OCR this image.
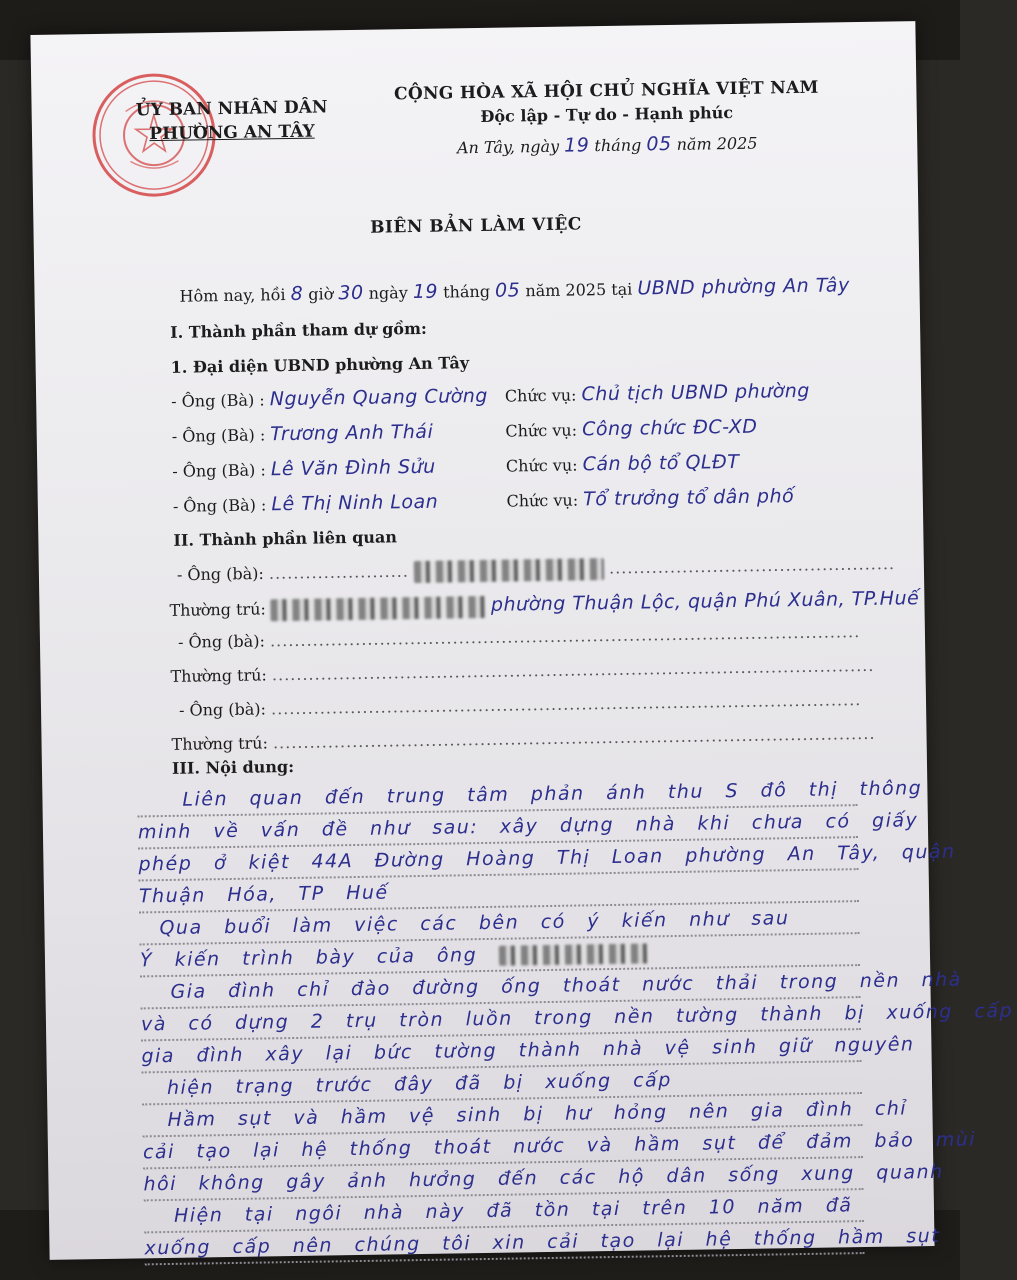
ỦY BAN NHÂN DÂN
PHƯỜNG AN TÂY
CỘNG HÒA XÃ HỘI CHỦ NGHĨA VIỆT NAM
Độc lập - Tự do - Hạnh phúc
An Tây, ngày 19 tháng 05 năm 2025
BIÊN BẢN LÀM VIỆC
Hôm nay, hồi 8 giờ 30 ngày 19 tháng 05 năm 2025 tại UBND phường An Tây
I. Thành phần tham dự gồm:
1. Đại diện UBND phường An Tây
- Ông (Bà) : Nguyễn Quang Cường Chức vụ: Chủ tịch UBND phường
- Ông (Bà) : Trương Anh Thái	Chức vụ: Công chức ĐC-XD
- Ông (Bà) : Lê Văn Đình Sửu	Chức vụ: Cán bộ tổ QLĐT
- Ông (Bà) : Lê Thị Ninh Loan	Chức vụ: Tổ trưởng tổ dân phố
II. Thành phần liên quan
- Ông (bà): .......................	...............................................
Thường trú:	phường Thuận Lộc, quận Phú Xuân, TP.Huế
- Ông (bà): .................................................................................................
Thường trú: ...................................................................................................
- Ông (bà): .................................................................................................
Thường trú: ...................................................................................................
III. Nội dung:
Liên quan đến trung tâm phản ánh thu S đô thị thông
minh về vấn đề như sau: xây dựng nhà khi chưa có giấy
phép ở kiệt 44A Đường Hoàng Thị Loan phường An Tây, quận
Thuận Hóa, TP Huế
Qua buổi làm việc các bên có ý kiến như sau
Ý kiến trình bày của ông
Gia đình chỉ đào đường ống thoát nước thải trong nền nhà
và có dựng 2 trụ tròn luồn trong nền tường thành bị xuống cấp
gia đình xây lại bức tường thành nhà vệ sinh giữ nguyên
hiện trạng trước đây đã bị xuống cấp
Hầm sụt và hầm vệ sinh bị hư hỏng nên gia đình chỉ
cải tạo lại hệ thống thoát nước và hầm sụt để đảm bảo mùi
hôi không gây ảnh hưởng đến các hộ dân sống xung quanh
Hiện tại ngôi nhà này đã tồn tại trên 10 năm đã
xuống cấp nên chúng tôi xin cải tạo lại hệ thống hầm sụt
